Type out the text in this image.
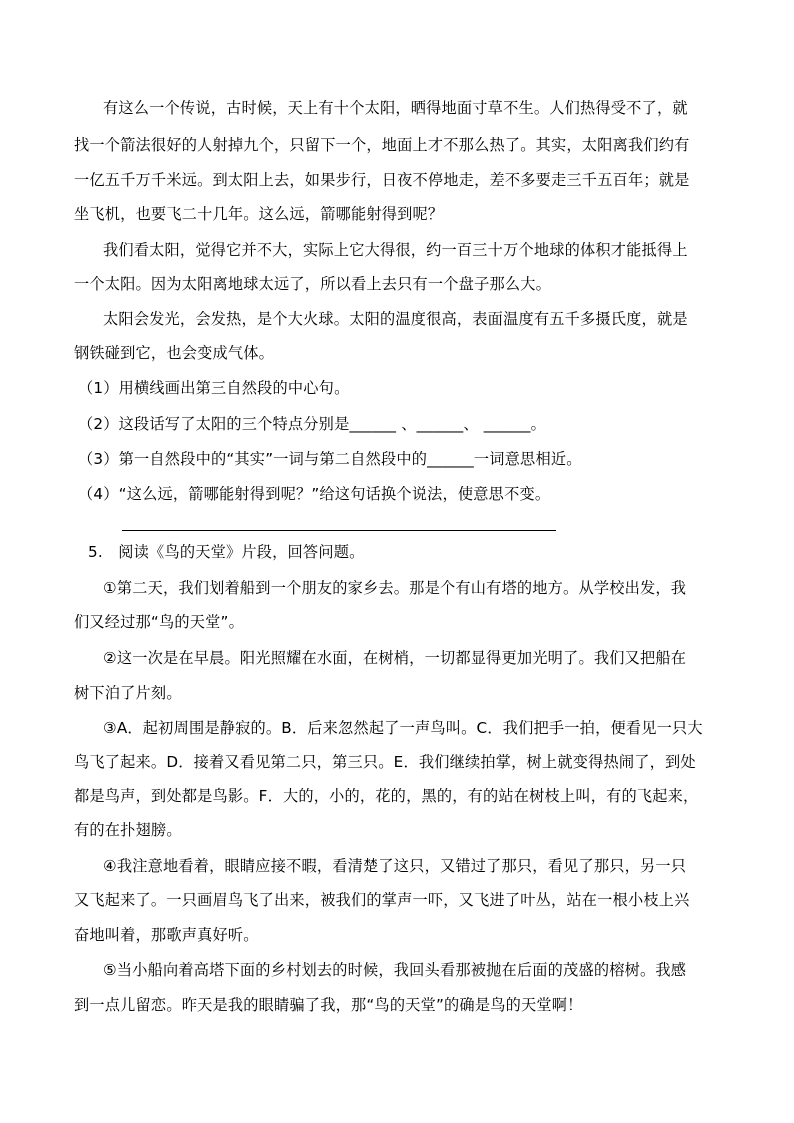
有这么一个传说，古时候，天上有十个太阳，晒得地面寸草不生。人们热得受不了，就
找一个箭法很好的人射掉九个，只留下一个，地面上才不那么热了。其实，太阳离我们约有
一亿五千万千米远。到太阳上去，如果步行，日夜不停地走，差不多要走三千五百年；就是
坐飞机，也要飞二十几年。这么远，箭哪能射得到呢？
我们看太阳，觉得它并不大，实际上它大得很，约一百三十万个地球的体积才能抵得上
一个太阳。因为太阳离地球太远了，所以看上去只有一个盘子那么大。
太阳会发光，会发热，是个大火球。太阳的温度很高，表面温度有五千多摄氏度，就是
钢铁碰到它，也会变成气体。
（1）用横线画出第三自然段的中心句。
（2）这段话写了太阳的三个特点分别是______ 、______、 ______。
（3）第一自然段中的“其实”一词与第二自然段中的______一词意思相近。
（4）“这么远，箭哪能射得到呢？”给这句话换个说法，使意思不变。
5.　阅读《鸟的天堂》片段，回答问题。
①第二天，我们划着船到一个朋友的家乡去。那是个有山有塔的地方。从学校出发，我
们又经过那“鸟的天堂”。
②这一次是在早晨。阳光照耀在水面，在树梢，一切都显得更加光明了。我们又把船在
树下泊了片刻。
③A．起初周围是静寂的。B．后来忽然起了一声鸟叫。C．我们把手一拍，便看见一只大
鸟飞了起来。D．接着又看见第二只，第三只。E．我们继续拍掌，树上就变得热闹了，到处
都是鸟声，到处都是鸟影。F．大的，小的，花的，黑的，有的站在树枝上叫，有的飞起来，
有的在扑翅膀。
④我注意地看着，眼睛应接不暇，看清楚了这只，又错过了那只，看见了那只，另一只
又飞起来了。一只画眉鸟飞了出来，被我们的掌声一吓，又飞进了叶丛，站在一根小枝上兴
奋地叫着，那歌声真好听。
⑤当小船向着高塔下面的乡村划去的时候，我回头看那被抛在后面的茂盛的榕树。我感
到一点儿留恋。昨天是我的眼睛骗了我，那“鸟的天堂”的确是鸟的天堂啊！
